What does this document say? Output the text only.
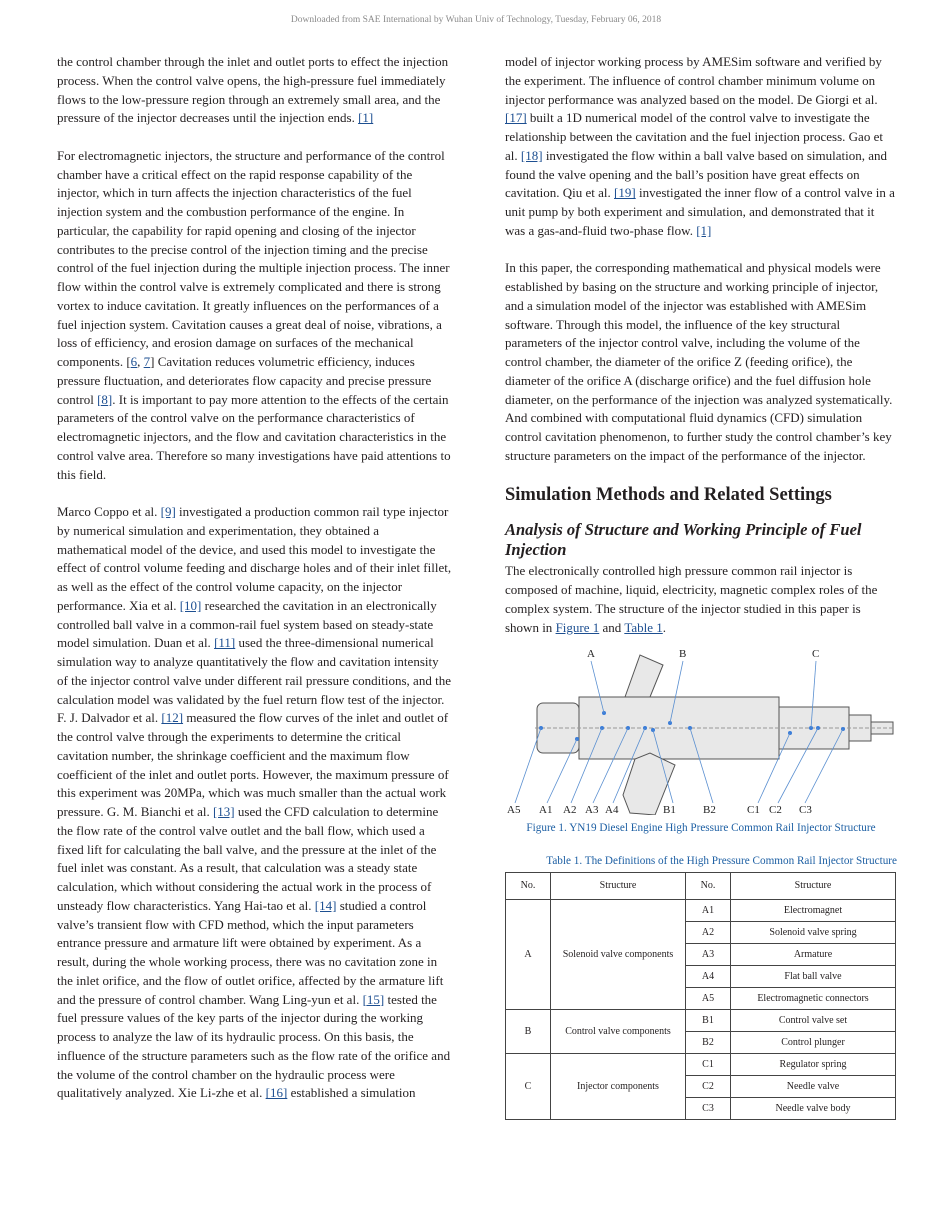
Downloaded from SAE International by Wuhan Univ of Technology, Tuesday, February 06, 2018

the control chamber through the inlet and outlet ports to effect the injection process. When the control valve opens, the high-pressure fuel immediately flows to the low-pressure region through an extremely small area, and the pressure of the injector decreases until the injection ends. [1]

For electromagnetic injectors, the structure and performance of the control chamber have a critical effect on the rapid response capability of the injector, which in turn affects the injection characteristics of the fuel injection system and the combustion performance of the engine. In particular, the capability for rapid opening and closing of the injector contributes to the precise control of the injection timing and the precise control of the fuel injection during the multiple injection process. The inner flow within the control valve is extremely complicated and there is strong vortex to induce cavitation. It greatly influences on the performances of a fuel injection system. Cavitation causes a great deal of noise, vibrations, a loss of efficiency, and erosion damage on surfaces of the mechanical components. [6, 7] Cavitation reduces volumetric efficiency, induces pressure fluctuation, and deteriorates flow capacity and precise pressure control [8]. It is important to pay more attention to the effects of the certain parameters of the control valve on the performance characteristics of electromagnetic injectors, and the flow and cavitation characteristics in the control valve area. Therefore so many investigations have paid attentions to this field.

Marco Coppo et al. [9] investigated a production common rail type injector by numerical simulation and experimentation, they obtained a mathematical model of the device, and used this model to investigate the effect of control volume feeding and discharge holes and of their inlet fillet, as well as the effect of the control volume capacity, on the injector performance. Xia et al. [10] researched the cavitation in an electronically controlled ball valve in a common-rail fuel system based on steady-state model simulation. Duan et al. [11] used the three-dimensional numerical simulation way to analyze quantitatively the flow and cavitation intensity of the injector control valve under different rail pressure conditions, and the calculation model was validated by the fuel return flow test of the injector. F. J. Dalvador et al. [12] measured the flow curves of the inlet and outlet of the control valve through the experiments to determine the critical cavitation number, the shrinkage coefficient and the maximum flow coefficient of the inlet and outlet ports. However, the maximum pressure of this experiment was 20MPa, which was much smaller than the actual work pressure. G. M. Bianchi et al. [13] used the CFD calculation to determine the flow rate of the control valve outlet and the ball flow, which used a fixed lift for calculating the ball valve, and the pressure at the inlet of the fuel inlet was constant. As a result, that calculation was a steady state calculation, which without considering the actual work in the process of unsteady flow characteristics. Yang Hai-tao et al. [14] studied a control valve’s transient flow with CFD method, which the input parameters entrance pressure and armature lift were obtained by experiment. As a result, during the whole working process, there was no cavitation zone in the inlet orifice, and the flow of outlet orifice, affected by the armature lift and the pressure of control chamber. Wang Ling-yun et al. [15] tested the fuel pressure values of the key parts of the injector during the working process to analyze the law of its hydraulic process. On this basis, the influence of the structure parameters such as the flow rate of the orifice and the volume of the control chamber on the hydraulic process were qualitatively analyzed. Xie Li-zhe et al. [16] established a simulation

model of injector working process by AMESim software and verified by the experiment. The influence of control chamber minimum volume on injector performance was analyzed based on the model. De Giorgi et al. [17] built a 1D numerical model of the control valve to investigate the relationship between the cavitation and the fuel injection process. Gao et al. [18] investigated the flow within a ball valve based on simulation, and found the valve opening and the ball’s position have great effects on cavitation. Qiu et al. [19] investigated the inner flow of a control valve in a unit pump by both experiment and simulation, and demonstrated that it was a gas-and-fluid two-phase flow. [1]

In this paper, the corresponding mathematical and physical models were established by basing on the structure and working principle of injector, and a simulation model of the injector was established with AMESim software. Through this model, the influence of the key structural parameters of the injector control valve, including the volume of the control chamber, the diameter of the orifice Z (feeding orifice), the diameter of the orifice A (discharge orifice) and the fuel diffusion hole diameter, on the performance of the injection was analyzed systematically. And combined with computational fluid dynamics (CFD) simulation control cavitation phenomenon, to further study the control chamber’s key structure parameters on the impact of the performance of the injector.

Simulation Methods and Related Settings
Analysis of Structure and Working Principle of Fuel Injection

The electronically controlled high pressure common rail injector is composed of machine, liquid, electricity, magnetic complex roles of the complex system. The structure of the injector studied in this paper is shown in Figure 1 and Table 1.

A	B	C
A5 A1 A2 A3 A4	B1 B2	C1 C2 C3
Figure 1. YN19 Diesel Engine High Pressure Common Rail Injector Structure
Table 1. The Definitions of the High Pressure Common Rail Injector Structure
No.	Structure	No.	Structure
A	Solenoid valve components	A1	Electromagnet
		A2	Solenoid valve spring
		A3	Armature
		A4	Flat ball valve
		A5	Electromagnetic connectors
B	Control valve components	B1	Control valve set
		B2	Control plunger
C	Injector components	C1	Regulator spring
		C2	Needle valve
		C3	Needle valve body
